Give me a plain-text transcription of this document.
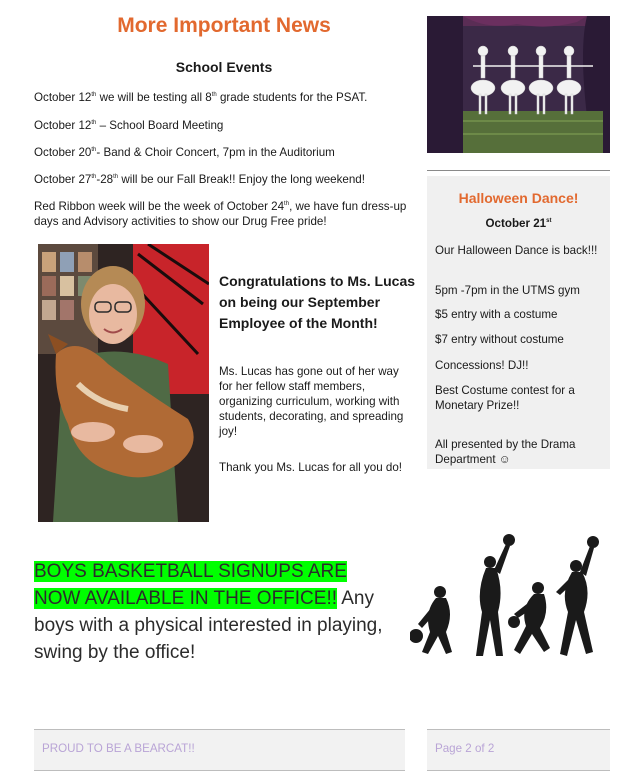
More Important News
School Events
October 12th we will be testing all 8th grade students for the PSAT.
October 12th – School Board Meeting
October 20th- Band & Choir Concert, 7pm in the Auditorium
October 27th-28th will be our Fall Break!! Enjoy the long weekend!
Red Ribbon week will be the week of October 24th, we have fun dress-up days and Advisory activities to show our Drug Free pride!
Halloween Dance!
October 21st
Our Halloween Dance is back!!!
5pm -7pm in the UTMS gym
$5 entry with a costume
$7 entry without costume
Concessions! DJ!!
Best Costume contest for a Monetary Prize!!
All presented by the Drama Department ☺
Congratulations to Ms. Lucas on being our September Employee of the Month!
Ms. Lucas has gone out of her way for her fellow staff members, organizing curriculum, working with students, decorating, and spreading joy!
Thank you Ms. Lucas for all you do!
BOYS BASKETBALL SIGNUPS ARE NOW AVAILABLE IN THE OFFICE!! Any boys with a physical interested in playing, swing by the office!
PROUD TO BE A BEARCAT!!	Page 2 of 2
